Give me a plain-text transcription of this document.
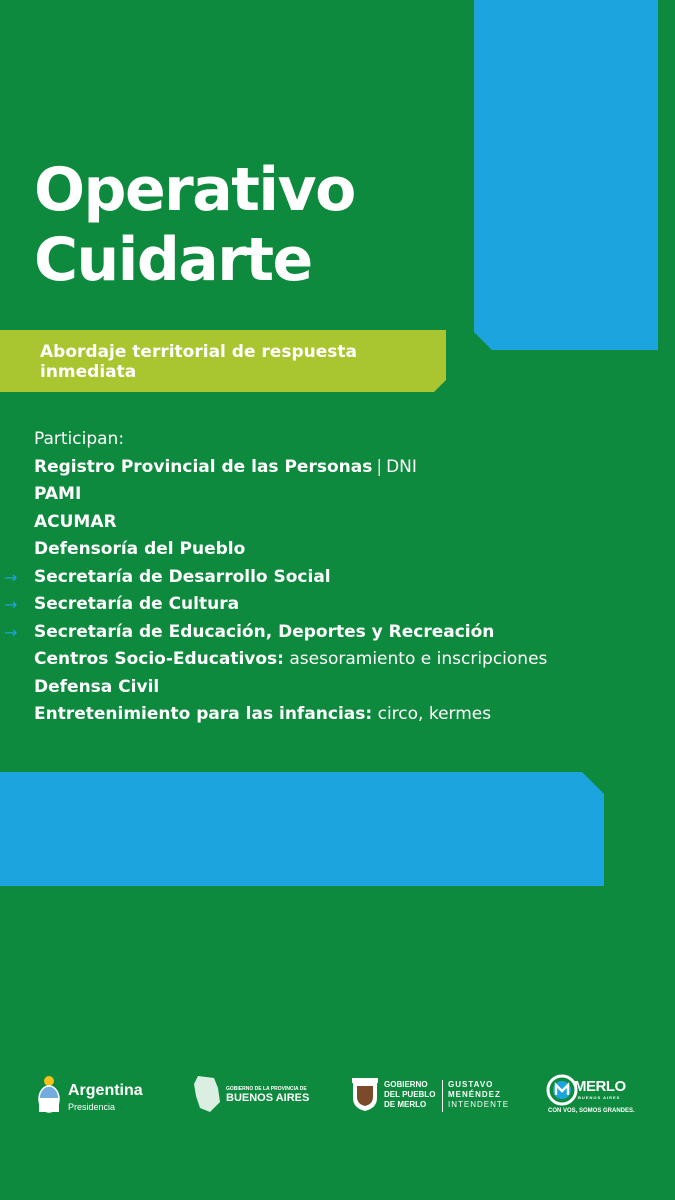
Operativo
Cuidarte

Abordaje territorial de respuesta inmediata

Participan:
Registro Provincial de las Personas | DNI
PAMI
ACUMAR
Defensoría del Pueblo
→ Secretaría de Desarrollo Social
→ Secretaría de Cultura
→ Secretaría de Educación, Deportes y Recreación
Centros Socio-Educativos: asesoramiento e inscripciones
Defensa Civil
Entretenimiento para las infancias: circo, kermes
Argentina
Presidencia
GOBIERNO DE LA PROVINCIA DE
BUENOS AIRES
GOBIERNO DEL PUEBLO DE MERLO
GUSTAVO MENÉNDEZ
INTENDENTE
MERLO
BUENOS AIRES
CON VOS, SOMOS GRANDES.
